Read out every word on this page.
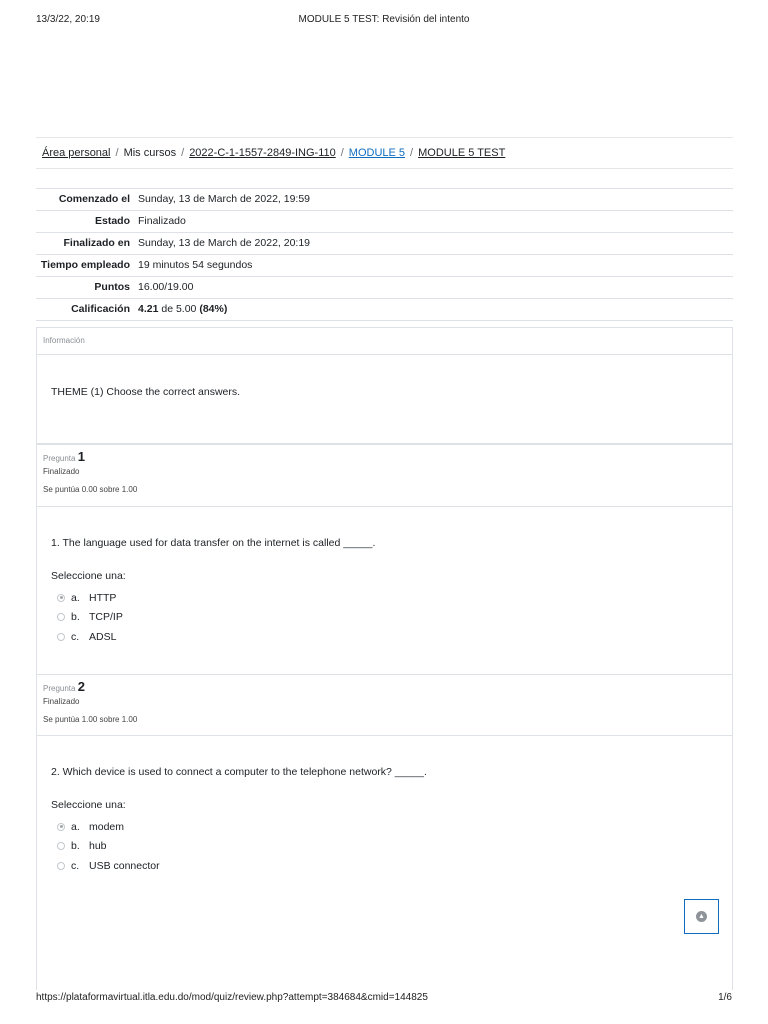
13/3/22, 20:19	MODULE 5 TEST: Revisión del intento
Área personal / Mis cursos / 2022-C-1-1557-2849-ING-110 / MODULE 5 / MODULE 5 TEST
Comenzado el Sunday, 13 de March de 2022, 19:59
Estado Finalizado
Finalizado en Sunday, 13 de March de 2022, 20:19
Tiempo empleado 19 minutos 54 segundos
Puntos 16.00/19.00
Calificación 4.21 de 5.00 (84%)
Información
THEME (1) Choose the correct answers.
Pregunta 1
Finalizado
Se puntúa 0.00 sobre 1.00
1. The language used for data transfer on the internet is called _____.
Seleccione una:
a. HTTP
b. TCP/IP
c. ADSL
Pregunta 2
Finalizado
Se puntúa 1.00 sobre 1.00
2. Which device is used to connect a computer to the telephone network? _____.
Seleccione una:
a. modem
b. hub
c. USB connector
▲
https://plataformavirtual.itla.edu.do/mod/quiz/review.php?attempt=384684&cmid=144825	1/6
